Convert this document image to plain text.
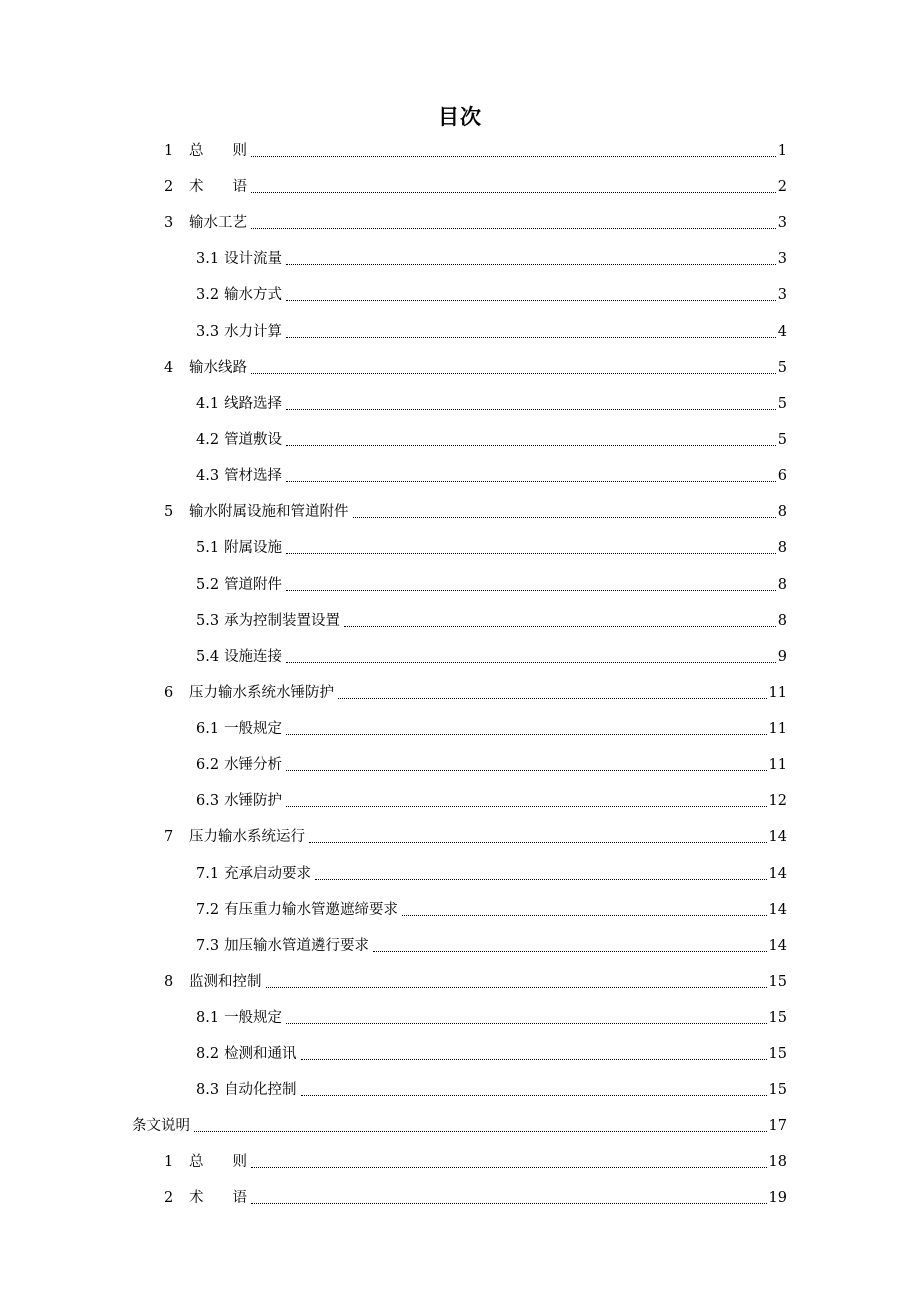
目次
1	总　　则	1
2	术　　语	2
3	输水工艺	3
3.1 设计流量	3
3.2 输水方式	3
3.3 水力计算	4
4	输水线路	5
4.1 线路选择	5
4.2 管道敷设	5
4.3 管材选择	6
5	输水附属设施和管道附件	8
5.1 附属设施	8
5.2 管道附件	8
5.3 承为控制装置设置	8
5.4 设施连接	9
6	压力输水系统水锤防护	11
6.1 一般规定	11
6.2 水锤分析	11
6.3 水锤防护	12
7	压力输水系统运行	14
7.1 充承启动要求	14
7.2 有压重力输水管邀遮缔要求	14
7.3 加压输水管道遴行要求	14
8	监测和控制	15
8.1 一般规定	15
8.2 检测和通讯	15
8.3 自动化控制	15
条文说明	17
1	总　　则	18
2	术　　语	19
